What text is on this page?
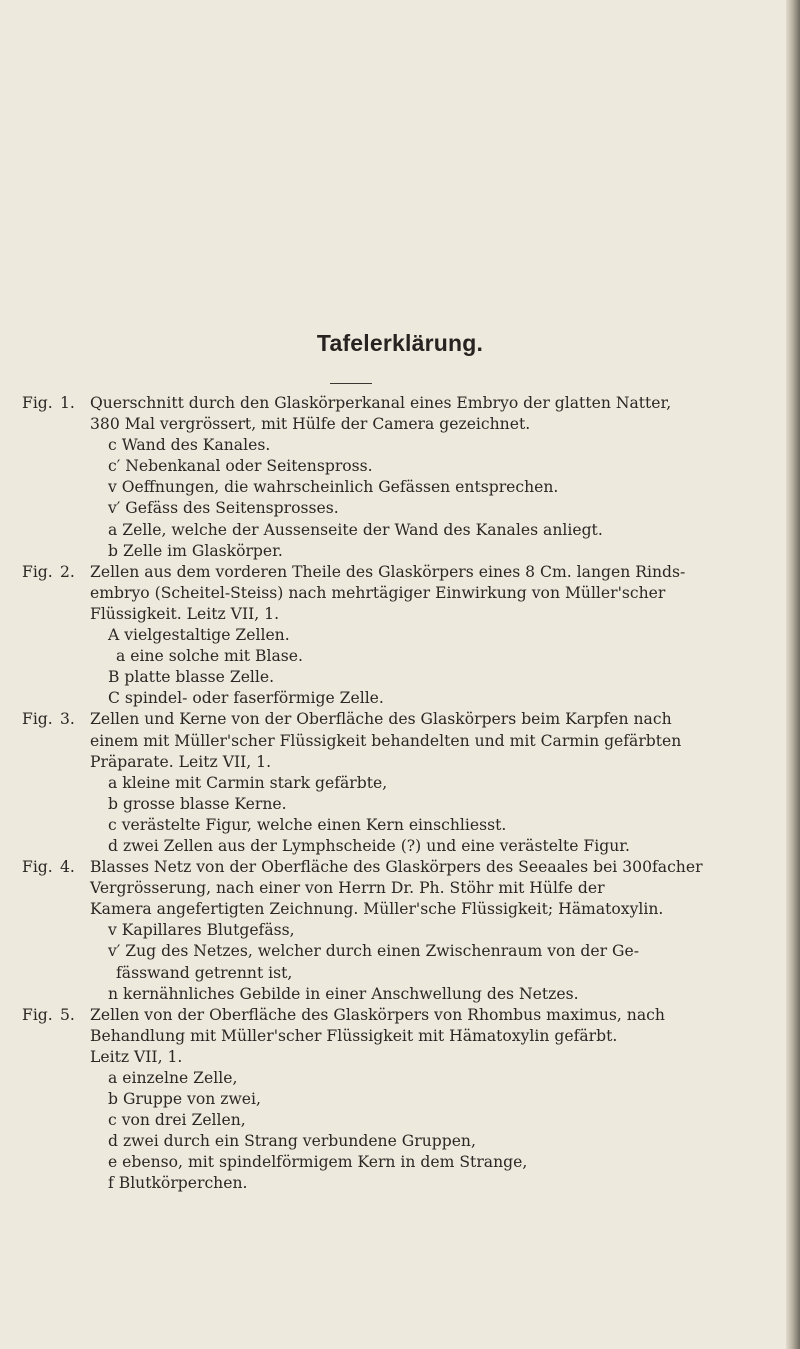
Tafelerklärung.
Fig. 1. Querschnitt durch den Glaskörperkanal eines Embryo der glatten Natter,
380 Mal vergrössert, mit Hülfe der Camera gezeichnet.
c Wand des Kanales.
c′ Nebenkanal oder Seitenspross.
v Oeffnungen, die wahrscheinlich Gefässen entsprechen.
v′ Gefäss des Seitensprosses.
a Zelle, welche der Aussenseite der Wand des Kanales anliegt.
b Zelle im Glaskörper.
Fig. 2. Zellen aus dem vorderen Theile des Glaskörpers eines 8 Cm. langen Rinds-
embryo (Scheitel-Steiss) nach mehrtägiger Einwirkung von Müller'scher
Flüssigkeit. Leitz VII, 1.
A vielgestaltige Zellen.
a eine solche mit Blase.
B platte blasse Zelle.
C spindel- oder faserförmige Zelle.
Fig. 3. Zellen und Kerne von der Oberfläche des Glaskörpers beim Karpfen nach
einem mit Müller'scher Flüssigkeit behandelten und mit Carmin gefärbten
Präparate. Leitz VII, 1.
a kleine mit Carmin stark gefärbte,
b grosse blasse Kerne.
c verästelte Figur, welche einen Kern einschliesst.
d zwei Zellen aus der Lymphscheide (?) und eine verästelte Figur.
Fig. 4. Blasses Netz von der Oberfläche des Glaskörpers des Seeaales bei 300facher
Vergrösserung, nach einer von Herrn Dr. Ph. Stöhr mit Hülfe der
Kamera angefertigten Zeichnung. Müller'sche Flüssigkeit; Hämatoxylin.
v Kapillares Blutgefäss,
v′ Zug des Netzes, welcher durch einen Zwischenraum von der Ge-
fässwand getrennt ist,
n kernähnliches Gebilde in einer Anschwellung des Netzes.
Fig. 5. Zellen von der Oberfläche des Glaskörpers von Rhombus maximus, nach
Behandlung mit Müller'scher Flüssigkeit mit Hämatoxylin gefärbt.
Leitz VII, 1.
a einzelne Zelle,
b Gruppe von zwei,
c von drei Zellen,
d zwei durch ein Strang verbundene Gruppen,
e ebenso, mit spindelförmigem Kern in dem Strange,
f Blutkörperchen.
